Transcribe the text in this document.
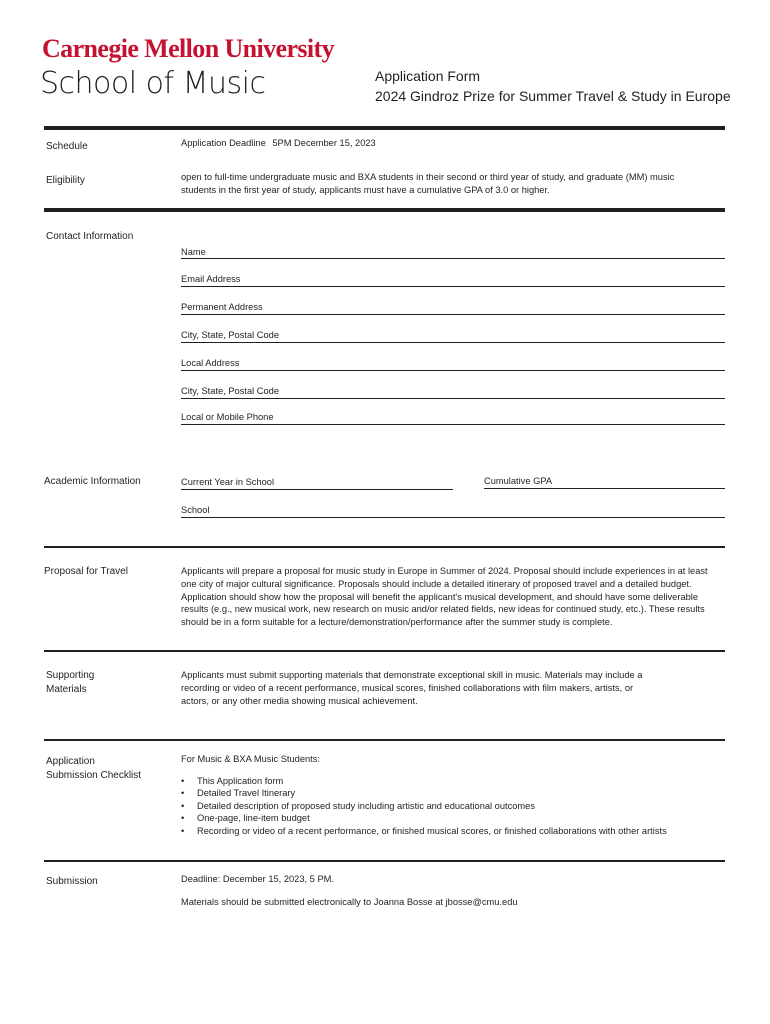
Carnegie Mellon University
School of Music	Application Form
2024 Gindroz Prize for Summer Travel & Study in Europe
Schedule	Application Deadline 5PM December 15, 2023
Eligibility	open to full-time undergraduate music and BXA students in their second or third year of study, and graduate (MM) music students in the first year of study, applicants must have a cumulative GPA of 3.0 or higher.
Contact Information
Name
Email Address
Permanent Address
City, State, Postal Code
Local Address
City, State, Postal Code
Local or Mobile Phone
Academic Information	Current Year in School	Cumulative GPA
School
Proposal for Travel	Applicants will prepare a proposal for music study in Europe in Summer of 2024. Proposal should include experiences in at least one city of major cultural significance. Proposals should include a detailed itinerary of proposed travel and a detailed budget. Application should show how the proposal will benefit the applicant's musical development, and should have some deliverable results (e.g., new musical work, new research on music and/or related fields, new ideas for continued study, etc.). These results should be in a form suitable for a lecture/demonstration/performance after the summer study is complete.
Supporting
Materials
Applicants must submit supporting materials that demonstrate exceptional skill in music. Materials may include a recording or video of a recent performance, musical scores, finished collaborations with film makers, artists, or actors, or any other media showing musical achievement.
Application
Submission Checklist
For Music & BXA Music Students:
• This Application form
• Detailed Travel Itinerary
• Detailed description of proposed study including artistic and educational outcomes
• One-page, line-item budget
• Recording or video of a recent performance, or finished musical scores, or finished collaborations with other artists
Submission	Deadline: December 15, 2023, 5 PM.
Materials should be submitted electronically to Joanna Bosse at jbosse@cmu.edu
